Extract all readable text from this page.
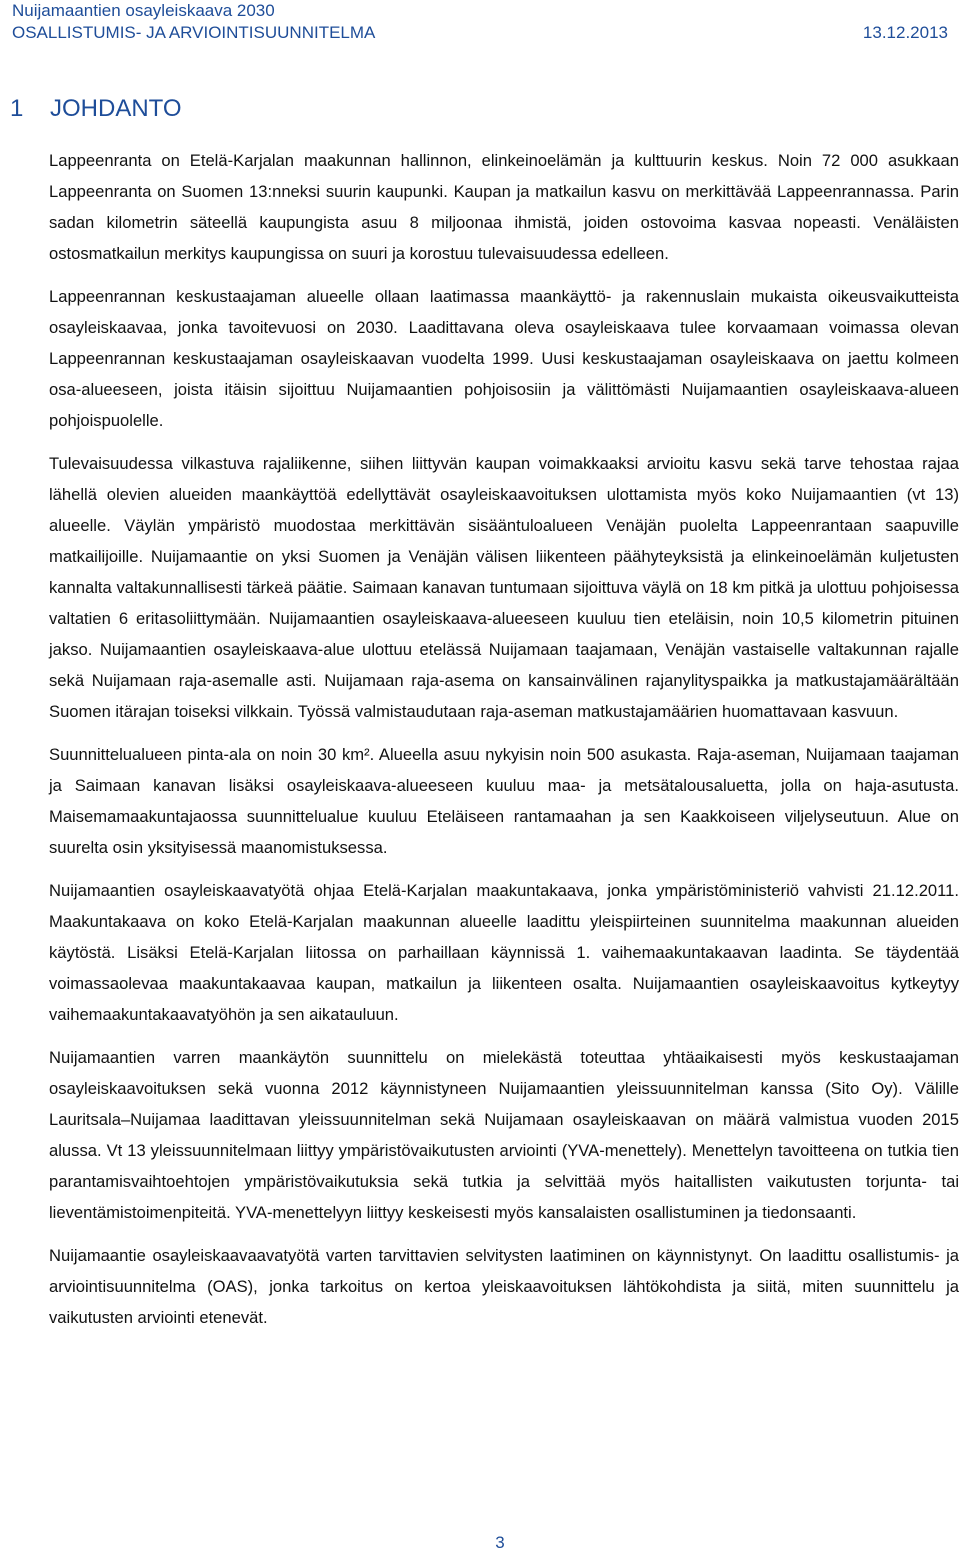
Nuijamaantien osayleiskaava 2030
OSALLISTUMIS- JA ARVIOINTISUUNNITELMA	13.12.2013
1 JOHDANTO

Lappeenranta on Etelä-Karjalan maakunnan hallinnon, elinkeinoelämän ja kulttuurin keskus. Noin 72 000 asukkaan Lappeenranta on Suomen 13:nneksi suurin kaupunki. Kaupan ja matkailun kasvu on merkittävää Lappeenrannassa. Parin sadan kilometrin säteellä kaupungista asuu 8 miljoonaa ihmistä, joiden ostovoima kasvaa nopeasti. Venäläisten ostosmatkailun merkitys kaupungissa on suuri ja korostuu tulevaisuudessa edelleen.

Lappeenrannan keskustaajaman alueelle ollaan laatimassa maankäyttö- ja rakennuslain mukaista oikeusvaikutteista osayleiskaavaa, jonka tavoitevuosi on 2030. Laadittavana oleva osayleiskaava tulee korvaamaan voimassa olevan Lappeenrannan keskustaajaman osayleiskaavan vuodelta 1999. Uusi keskustaajaman osayleiskaava on jaettu kolmeen osa-alueeseen, joista itäisin sijoittuu Nuijamaantien pohjoisosiin ja välittömästi Nuijamaantien osayleiskaava-alueen pohjoispuolelle.

Tulevaisuudessa vilkastuva rajaliikenne, siihen liittyvän kaupan voimakkaaksi arvioitu kasvu sekä tarve tehostaa rajaa lähellä olevien alueiden maankäyttöä edellyttävät osayleiskaavoituksen ulottamista myös koko Nuijamaantien (vt 13) alueelle. Väylän ympäristö muodostaa merkittävän sisääntuloalueen Venäjän puolelta Lappeenrantaan saapuville matkailijoille. Nuijamaantie on yksi Suomen ja Venäjän välisen liikenteen päähyteyksistä ja elinkeinoelämän kuljetusten kannalta valtakunnallisesti tärkeä päätie. Saimaan kanavan tuntumaan sijoittuva väylä on 18 km pitkä ja ulottuu pohjoisessa valtatien 6 eritasoliittymään. Nuijamaantien osayleiskaava-alueeseen kuuluu tien eteläisin, noin 10,5 kilometrin pituinen jakso. Nuijamaantien osayleiskaava-alue ulottuu etelässä Nuijamaan taajamaan, Venäjän vastaiselle valtakunnan rajalle sekä Nuijamaan raja-asemalle asti. Nuijamaan raja-asema on kansainvälinen rajanylityspaikka ja matkustajamäärältään Suomen itärajan toiseksi vilkkain. Työssä valmistaudutaan raja-aseman matkustajamäärien huomattavaan kasvuun.

Suunnittelualueen pinta-ala on noin 30 km². Alueella asuu nykyisin noin 500 asukasta. Raja-aseman, Nuijamaan taajaman ja Saimaan kanavan lisäksi osayleiskaava-alueeseen kuuluu maa- ja metsätalousaluetta, jolla on haja-asutusta. Maisemamaakuntajaossa suunnittelualue kuuluu Eteläiseen rantamaahan ja sen Kaakkoiseen viljelyseutuun. Alue on suurelta osin yksityisessä maanomistuksessa.

Nuijamaantien osayleiskaavatyötä ohjaa Etelä-Karjalan maakuntakaava, jonka ympäristöministeriö vahvisti 21.12.2011. Maakuntakaava on koko Etelä-Karjalan maakunnan alueelle laadittu yleispiirteinen suunnitelma maakunnan alueiden käytöstä. Lisäksi Etelä-Karjalan liitossa on parhaillaan käynnissä 1. vaihemaakuntakaavan laadinta. Se täydentää voimassaolevaa maakuntakaavaa kaupan, matkailun ja liikenteen osalta. Nuijamaantien osayleiskaavoitus kytkeytyy vaihemaakuntakaavatyöhön ja sen aikatauluun.

Nuijamaantien varren maankäytön suunnittelu on mielekästä toteuttaa yhtäaikaisesti myös keskustaajaman osayleiskaavoituksen sekä vuonna 2012 käynnistyneen Nuijamaantien yleissuunnitelman kanssa (Sito Oy). Välille Lauritsala–Nuijamaa laadittavan yleissuunnitelman sekä Nuijamaan osayleiskaavan on määrä valmistua vuoden 2015 alussa. Vt 13 yleissuunnitelmaan liittyy ympäristövaikutusten arviointi (YVA-menettely). Menettelyn tavoitteena on tutkia tien parantamisvaihtoehtojen ympäristövaikutuksia sekä tutkia ja selvittää myös haitallisten vaikutusten torjunta- tai lieventämistoimenpiteitä. YVA-menettelyyn liittyy keskeisesti myös kansalaisten osallistuminen ja tiedonsaanti.

Nuijamaantie osayleiskaavaavatyötä varten tarvittavien selvitysten laatiminen on käynnistynyt. On laadittu osallistumis- ja arviointisuunnitelma (OAS), jonka tarkoitus on kertoa yleiskaavoituksen lähtökohdista ja siitä, miten suunnittelu ja vaikutusten arviointi etenevät.

3
